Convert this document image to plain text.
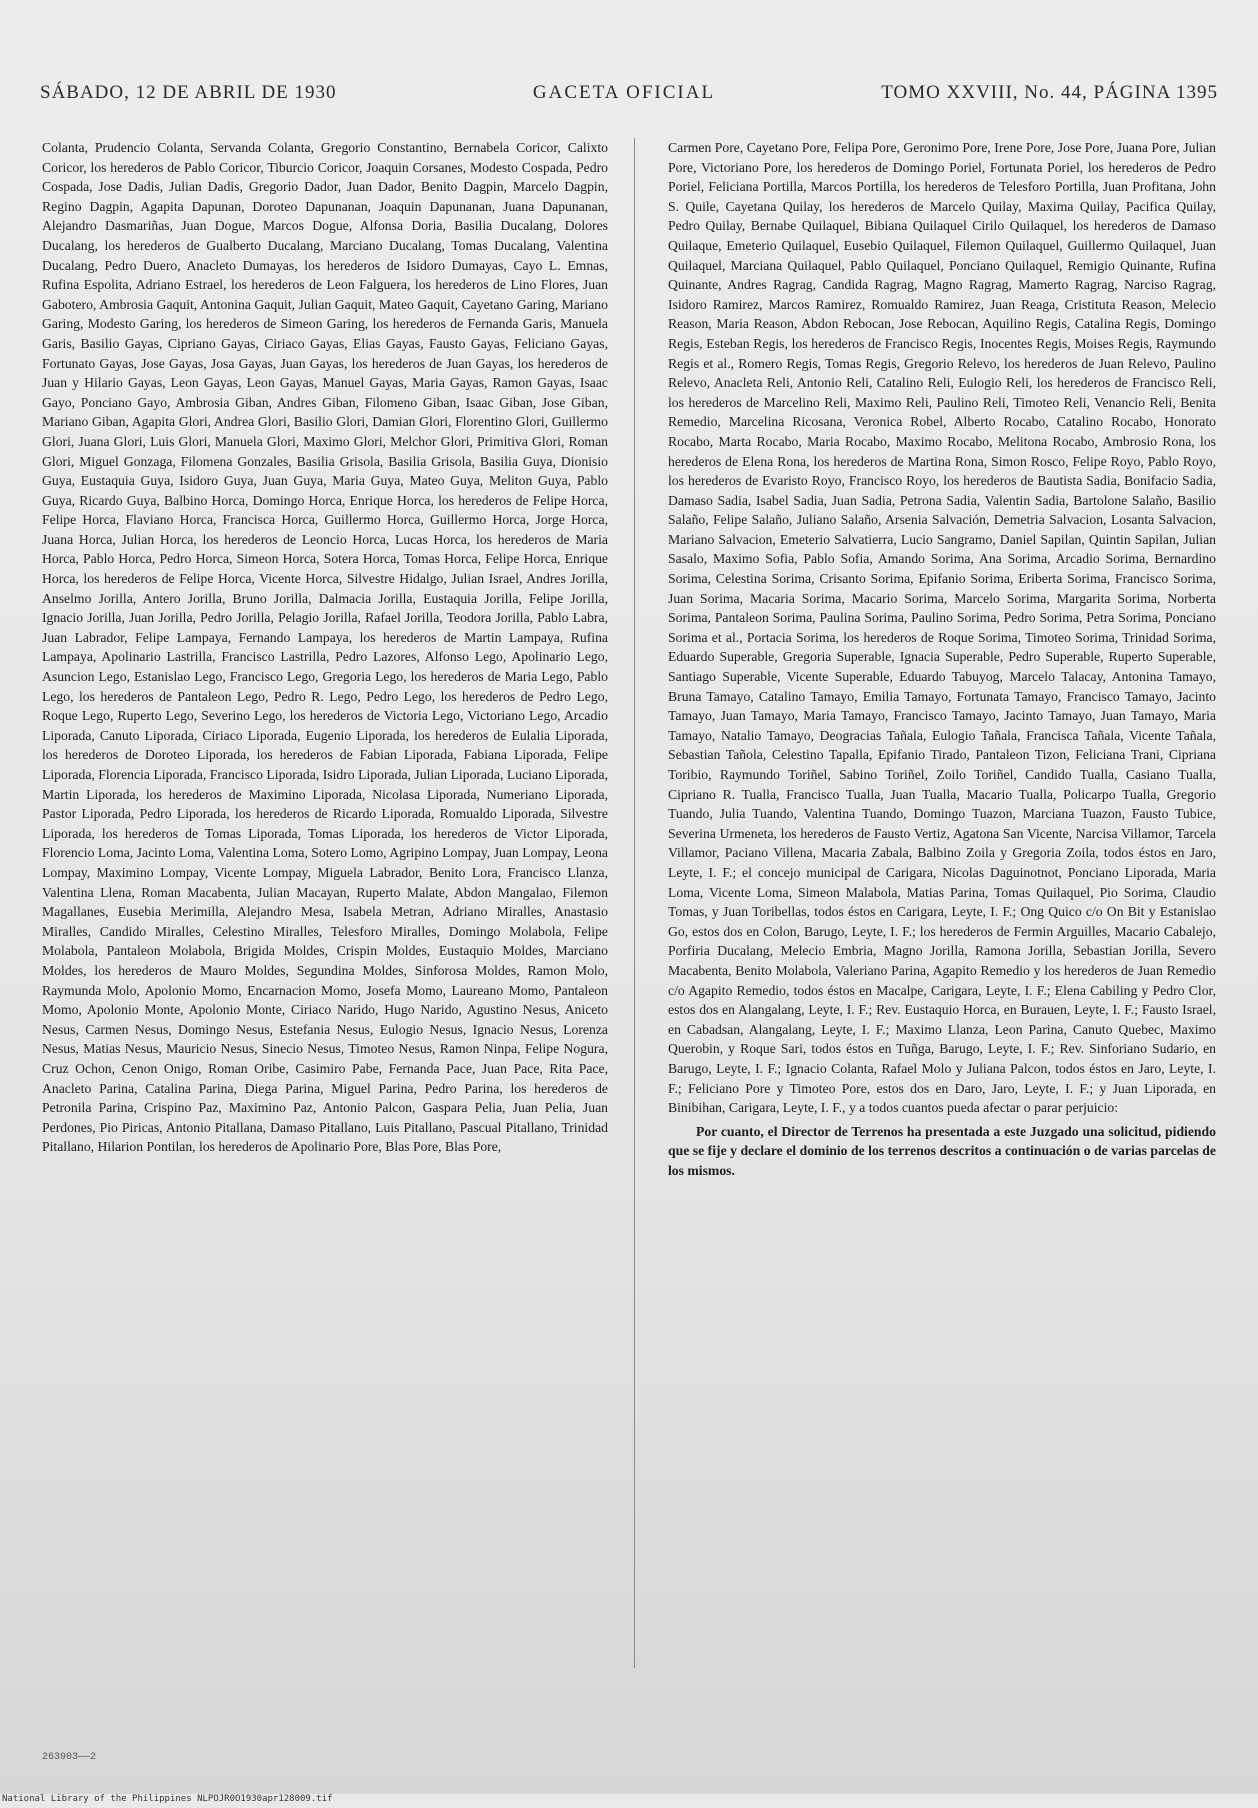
SÁBADO, 12 DE ABRIL DE 1930	GACETA OFICIAL	TOMO XXVIII, No. 44, PÁGINA 1395

Colanta, Prudencio Colanta, Servanda Colanta, Gregorio Constantino, Bernabela Coricor, Calixto Coricor, los herederos de Pablo Coricor, Tiburcio Coricor, Joaquin Corsanes, Modesto Cospada, Pedro Cospada, Jose Dadis, Julian Dadis, Gregorio Dador, Juan Dador, Benito Dagpin, Marcelo Dagpin, Regino Dagpin, Agapita Dapunan, Doroteo Dapunanan, Joaquin Dapunanan, Juana Dapunanan, Alejandro Dasmariñas, Juan Dogue, Marcos Dogue, Alfonsa Doria, Basilia Ducalang, Dolores Ducalang, los herederos de Gualberto Ducalang, Marciano Ducalang, Tomas Ducalang, Valentina Ducalang, Pedro Duero, Anacleto Dumayas, los herederos de Isidoro Dumayas, Cayo L. Emnas, Rufina Espolita, Adriano Estrael, los herederos de Leon Falguera, los herederos de Lino Flores, Juan Gabotero, Ambrosia Gaquit, Antonina Gaquit, Julian Gaquit, Mateo Gaquit, Cayetano Garing, Mariano Garing, Modesto Garing, los herederos de Simeon Garing, los herederos de Fernanda Garis, Manuela Garis, Basilio Gayas, Cipriano Gayas, Ciriaco Gayas, Elias Gayas, Fausto Gayas, Feliciano Gayas, Fortunato Gayas, Jose Gayas, Josa Gayas, Juan Gayas, los herederos de Juan Gayas, los herederos de Juan y Hilario Gayas, Leon Gayas, Leon Gayas, Manuel Gayas, Maria Gayas, Ramon Gayas, Isaac Gayo, Ponciano Gayo, Ambrosia Giban, Andres Giban, Filomeno Giban, Isaac Giban, Jose Giban, Mariano Giban, Agapita Glori, Andrea Glori, Basilio Glori, Damian Glori, Florentino Glori, Guillermo Glori, Juana Glori, Luis Glori, Manuela Glori, Maximo Glori, Melchor Glori, Primitiva Glori, Roman Glori, Miguel Gonzaga, Filomena Gonzales, Basilia Grisola, Basilia Grisola, Basilia Guya, Dionisio Guya, Eustaquia Guya, Isidoro Guya, Juan Guya, Maria Guya, Mateo Guya, Meliton Guya, Pablo Guya, Ricardo Guya, Balbino Horca, Domingo Horca, Enrique Horca, los herederos de Felipe Horca, Felipe Horca, Flaviano Horca, Francisca Horca, Guillermo Horca, Guillermo Horca, Jorge Horca, Juana Horca, Julian Horca, los herederos de Leoncio Horca, Lucas Horca, los herederos de Maria Horca, Pablo Horca, Pedro Horca, Simeon Horca, Sotera Horca, Tomas Horca, Felipe Horca, Enrique Horca, los herederos de Felipe Horca, Vicente Horca, Silvestre Hidalgo, Julian Israel, Andres Jorilla, Anselmo Jorilla, Antero Jorilla, Bruno Jorilla, Dalmacia Jorilla, Eustaquia Jorilla, Felipe Jorilla, Ignacio Jorilla, Juan Jorilla, Pedro Jorilla, Pelagio Jorilla, Rafael Jorilla, Teodora Jorilla, Pablo Labra, Juan Labrador, Felipe Lampaya, Fernando Lampaya, los herederos de Martin Lampaya, Rufina Lampaya, Apolinario Lastrilla, Francisco Lastrilla, Pedro Lazores, Alfonso Lego, Apolinario Lego, Asuncion Lego, Estanislao Lego, Francisco Lego, Gregoria Lego, los herederos de Maria Lego, Pablo Lego, los herederos de Pantaleon Lego, Pedro R. Lego, Pedro Lego, los herederos de Pedro Lego, Roque Lego, Ruperto Lego, Severino Lego, los herederos de Victoria Lego, Victoriano Lego, Arcadio Liporada, Canuto Liporada, Ciriaco Liporada, Eugenio Liporada, los herederos de Eulalia Liporada, los herederos de Doroteo Liporada, los herederos de Fabian Liporada, Fabiana Liporada, Felipe Liporada, Florencia Liporada, Francisco Liporada, Isidro Liporada, Julian Liporada, Luciano Liporada, Martin Liporada, los herederos de Maximino Liporada, Nicolasa Liporada, Numeriano Liporada, Pastor Liporada, Pedro Liporada, los herederos de Ricardo Liporada, Romualdo Liporada, Silvestre Liporada, los herederos de Tomas Liporada, Tomas Liporada, los herederos de Victor Liporada, Florencio Loma, Jacinto Loma, Valentina Loma, Sotero Lomo, Agripino Lompay, Juan Lompay, Leona Lompay, Maximino Lompay, Vicente Lompay, Miguela Labrador, Benito Lora, Francisco Llanza, Valentina Llena, Roman Macabenta, Julian Macayan, Ruperto Malate, Abdon Mangalao, Filemon Magallanes, Eusebia Merimilla, Alejandro Mesa, Isabela Metran, Adriano Miralles, Anastasio Miralles, Candido Miralles, Celestino Miralles, Telesforo Miralles, Domingo Molabola, Felipe Molabola, Pantaleon Molabola, Brigida Moldes, Crispin Moldes, Eustaquio Moldes, Marciano Moldes, los herederos de Mauro Moldes, Segundina Moldes, Sinforosa Moldes, Ramon Molo, Raymunda Molo, Apolonio Momo, Encarnacion Momo, Josefa Momo, Laureano Momo, Pantaleon Momo, Apolonio Monte, Apolonio Monte, Ciriaco Narido, Hugo Narido, Agustino Nesus, Aniceto Nesus, Carmen Nesus, Domingo Nesus, Estefania Nesus, Eulogio Nesus, Ignacio Nesus, Lorenza Nesus, Matias Nesus, Mauricio Nesus, Sinecio Nesus, Timoteo Nesus, Ramon Ninpa, Felipe Nogura, Cruz Ochon, Cenon Onigo, Roman Oribe, Casimiro Pabe, Fernanda Pace, Juan Pace, Rita Pace, Anacleto Parina, Catalina Parina, Diega Parina, Miguel Parina, Pedro Parina, los herederos de Petronila Parina, Crispino Paz, Maximino Paz, Antonio Palcon, Gaspara Pelia, Juan Pelia, Juan Perdones, Pio Piricas, Antonio Pitallana, Damaso Pitallano, Luis Pitallano, Pascual Pitallano, Trinidad Pitallano, Hilarion Pontilan, los herederos de Apolinario Pore, Blas Pore, Blas Pore,

Carmen Pore, Cayetano Pore, Felipa Pore, Geronimo Pore, Irene Pore, Jose Pore, Juana Pore, Julian Pore, Victoriano Pore, los herederos de Domingo Poriel, Fortunata Poriel, los herederos de Pedro Poriel, Feliciana Portilla, Marcos Portilla, los herederos de Telesforo Portilla, Juan Profitana, John S. Quile, Cayetana Quilay, los herederos de Marcelo Quilay, Maxima Quilay, Pacifica Quilay, Pedro Quilay, Bernabe Quilaquel, Bibiana Quilaquel Cirilo Quilaquel, los herederos de Damaso Quilaque, Emeterio Quilaquel, Eusebio Quilaquel, Filemon Quilaquel, Guillermo Quilaquel, Juan Quilaquel, Marciana Quilaquel, Pablo Quilaquel, Ponciano Quilaquel, Remigio Quinante, Rufina Quinante, Andres Ragrag, Candida Ragrag, Magno Ragrag, Mamerto Ragrag, Narciso Ragrag, Isidoro Ramirez, Marcos Ramirez, Romualdo Ramirez, Juan Reaga, Cristituta Reason, Melecio Reason, Maria Reason, Abdon Rebocan, Jose Rebocan, Aquilino Regis, Catalina Regis, Domingo Regis, Esteban Regis, los herederos de Francisco Regis, Inocentes Regis, Moises Regis, Raymundo Regis et al., Romero Regis, Tomas Regis, Gregorio Relevo, los herederos de Juan Relevo, Paulino Relevo, Anacleta Reli, Antonio Reli, Catalino Reli, Eulogio Reli, los herederos de Francisco Reli, los herederos de Marcelino Reli, Maximo Reli, Paulino Reli, Timoteo Reli, Venancio Reli, Benita Remedio, Marcelina Ricosana, Veronica Robel, Alberto Rocabo, Catalino Rocabo, Honorato Rocabo, Marta Rocabo, Maria Rocabo, Maximo Rocabo, Melitona Rocabo, Ambrosio Rona, los herederos de Elena Rona, los herederos de Martina Rona, Simon Rosco, Felipe Royo, Pablo Royo, los herederos de Evaristo Royo, Francisco Royo, los herederos de Bautista Sadia, Bonifacio Sadia, Damaso Sadia, Isabel Sadia, Juan Sadia, Petrona Sadia, Valentin Sadia, Bartolone Salaño, Basilio Salaño, Felipe Salaño, Juliano Salaño, Arsenia Salvación, Demetria Salvacion, Losanta Salvacion, Mariano Salvacion, Emeterio Salvatierra, Lucio Sangramo, Daniel Sapilan, Quintin Sapilan, Julian Sasalo, Maximo Sofia, Pablo Sofia, Amando Sorima, Ana Sorima, Arcadio Sorima, Bernardino Sorima, Celestina Sorima, Crisanto Sorima, Epifanio Sorima, Eriberta Sorima, Francisco Sorima, Juan Sorima, Macaria Sorima, Macario Sorima, Marcelo Sorima, Margarita Sorima, Norberta Sorima, Pantaleon Sorima, Paulina Sorima, Paulino Sorima, Pedro Sorima, Petra Sorima, Ponciano Sorima et al., Portacia Sorima, los herederos de Roque Sorima, Timoteo Sorima, Trinidad Sorima, Eduardo Superable, Gregoria Superable, Ignacia Superable, Pedro Superable, Ruperto Superable, Santiago Superable, Vicente Superable, Eduardo Tabuyog, Marcelo Talacay, Antonina Tamayo, Bruna Tamayo, Catalino Tamayo, Emilia Tamayo, Fortunata Tamayo, Francisco Tamayo, Jacinto Tamayo, Juan Tamayo, Maria Tamayo, Francisco Tamayo, Jacinto Tamayo, Juan Tamayo, Maria Tamayo, Natalio Tamayo, Deogracias Tañala, Eulogio Tañala, Francisca Tañala, Vicente Tañala, Sebastian Tañola, Celestino Tapalla, Epifanio Tirado, Pantaleon Tizon, Feliciana Trani, Cipriana Toribio, Raymundo Toriñel, Sabino Toriñel, Zoilo Toriñel, Candido Tualla, Casiano Tualla, Cipriano R. Tualla, Francisco Tualla, Juan Tualla, Macario Tualla, Policarpo Tualla, Gregorio Tuando, Julia Tuando, Valentina Tuando, Domingo Tuazon, Marciana Tuazon, Fausto Tubice, Severina Urmeneta, los herederos de Fausto Vertiz, Agatona San Vicente, Narcisa Villamor, Tarcela Villamor, Paciano Villena, Macaria Zabala, Balbino Zoila y Gregoria Zoila, todos éstos en Jaro, Leyte, I. F.; el concejo municipal de Carigara, Nicolas Daguinotnot, Ponciano Liporada, Maria Loma, Vicente Loma, Simeon Malabola, Matias Parina, Tomas Quilaquel, Pio Sorima, Claudio Tomas, y Juan Toribellas, todos éstos en Carigara, Leyte, I. F.; Ong Quico c/o On Bit y Estanislao Go, estos dos en Colon, Barugo, Leyte, I. F.; los herederos de Fermin Arguilles, Macario Cabalejo, Porfiria Ducalang, Melecio Embria, Magno Jorilla, Ramona Jorilla, Sebastian Jorilla, Severo Macabenta, Benito Molabola, Valeriano Parina, Agapito Remedio y los herederos de Juan Remedio c/o Agapito Remedio, todos éstos en Macalpe, Carigara, Leyte, I. F.; Elena Cabiling y Pedro Clor, estos dos en Alangalang, Leyte, I. F.; Rev. Eustaquio Horca, en Burauen, Leyte, I. F.; Fausto Israel, en Cabadsan, Alangalang, Leyte, I. F.; Maximo Llanza, Leon Parina, Canuto Quebec, Maximo Querobin, y Roque Sari, todos éstos en Tuñga, Barugo, Leyte, I. F.; Rev. Sinforiano Sudario, en Barugo, Leyte, I. F.; Ignacio Colanta, Rafael Molo y Juliana Palcon, todos éstos en Jaro, Leyte, I. F.; Feliciano Pore y Timoteo Pore, estos dos en Daro, Jaro, Leyte, I. F.; y Juan Liporada, en Binibihan, Carigara, Leyte, I. F., y a todos cuantos pueda afectar o parar perjuicio:

Por cuanto, el Director de Terrenos ha presentada a este Juzgado una solicitud, pidiendo que se fije y declare el dominio de los terrenos descritos a continuación o de varias parcelas de los mismos.

263903——2
National Library of the Philippines NLPOJR0O1930apr128009.tif
